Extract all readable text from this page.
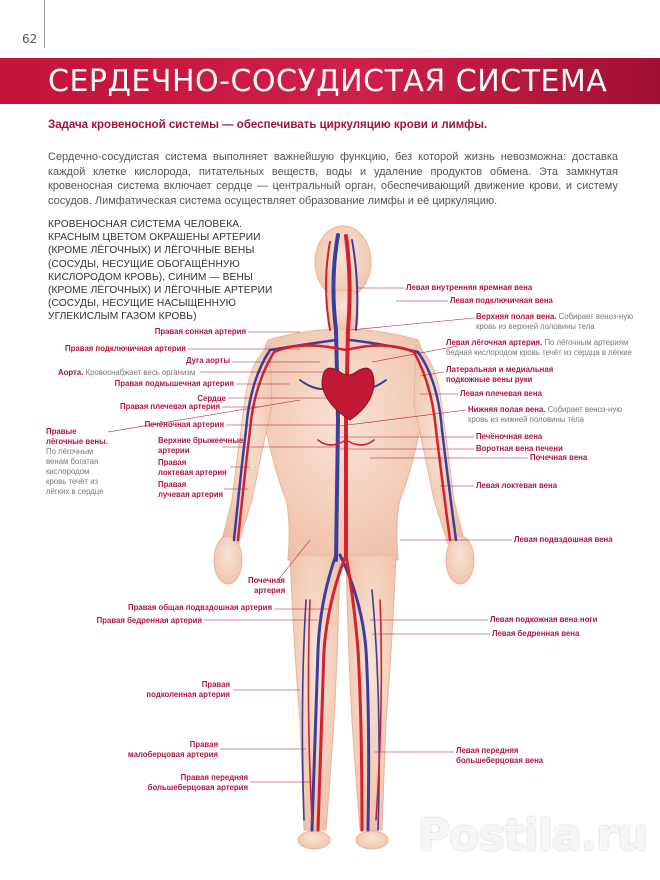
62
СЕРДЕЧНО-СОСУДИСТАЯ СИСТЕМА
Задача кровеносной системы — обеспечивать циркуляцию крови и лимфы.
Сердечно-сосудистая система выполняет важнейшую функцию, без которой жизнь невозможна: доставка каждой клетке кислорода, питательных веществ, воды и удаление продуктов обмена. Эта замкнутая кровеносная система включает сердце — центральный орган, обеспечивающий движение крови, и систему сосудов. Лимфатическая система осуществляет образование лимфы и её циркуляцию.
КРОВЕНОСНАЯ СИСТЕМА ЧЕЛОВЕКА. КРАСНЫМ ЦВЕТОМ ОКРАШЕНЫ АРТЕРИИ (КРОМЕ ЛЁГОЧНЫХ) И ЛЁГОЧНЫЕ ВЕНЫ (СОСУДЫ, НЕСУЩИЕ ОБОГАЩЁННУЮ КИСЛОРОДОМ КРОВЬ), СИНИМ — ВЕНЫ (КРОМЕ ЛЁГОЧНЫХ) И ЛЁГОЧНЫЕ АРТЕРИИ (СОСУДЫ, НЕСУЩИЕ НАСЫЩЕННУЮ УГЛЕКИСЛЫМ ГАЗОМ КРОВЬ)
Правая сонная артерия
Правая подключичная артерия
Дуга аорты
Аорта. Кровоснабжает весь организм
Правая подмышечная артерия
Сердце
Правая плечевая артерия
Печёночная артерия
Верхние брыжеечные
артерии
Правая
локтевая артерия
Правая
лучевая артерия
Правые лёгочные вены. По лёгочным венам богатая кислородом кровь течёт из лёгких в сердце
Почечная
артерия
Правая общая подвздошная артерия
Правая бедренная артерия
Правая
подколенная артерия
Правая
малоберцовая артерия
Правая передняя
большеберцовая артерия
Левая внутренняя яремная вена
Левая подключичная вена
Верхняя полая вена. Собирает веноз-ную кровь из верхней половины тела
Левая лёгочная артерия. По лёгочным артериям бедная кислородом кровь течёт из сердца в лёгкие
Латеральная и медиальная
подкожные вены руки
Левая плечевая вена
Нижняя полая вена. Собирает веноз-ную кровь из нижней половины тела
Печёночная вена
Воротная вена печени
Почечная вена
Левая локтевая вена
Левая подвздошная вена
Левая подкожная вена ноги
Левая бедренная вена
Левая передняя
большеберцовая вена
Postila.ru
